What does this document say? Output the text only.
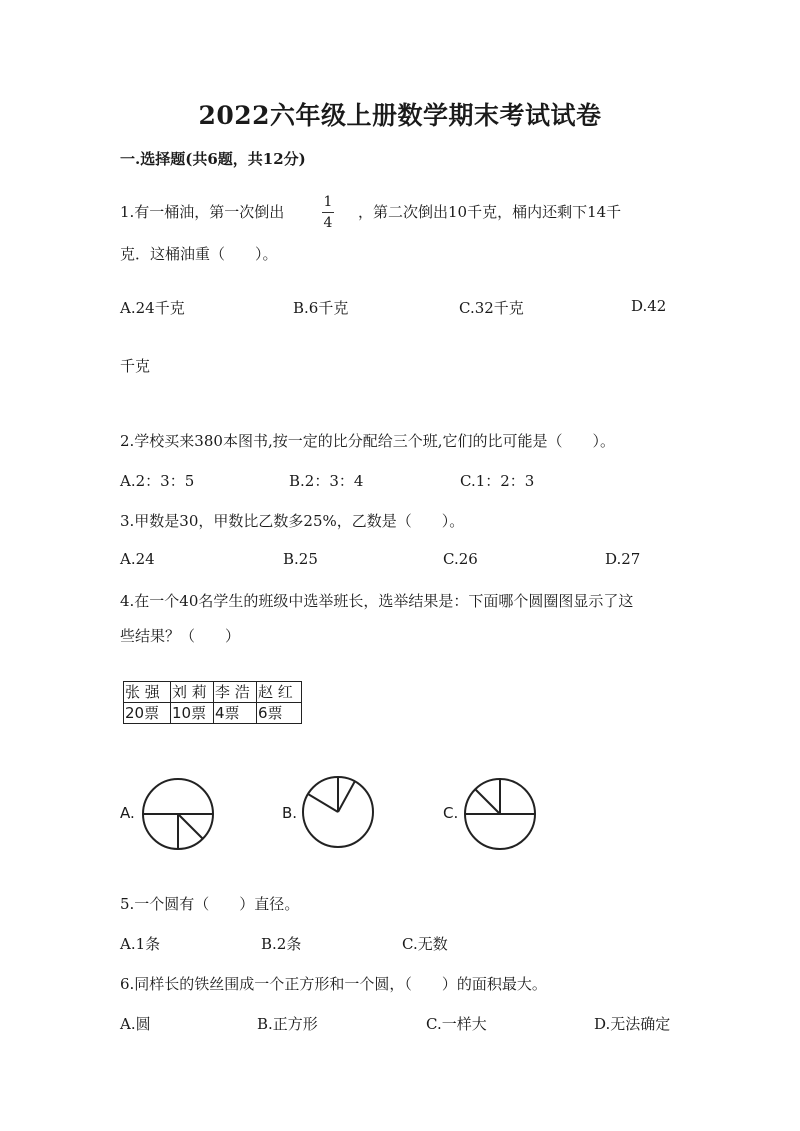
2022六年级上册数学期末考试试卷
一.选择题(共6题，共12分)
1.有一桶油，第一次倒出
1
4
，第二次倒出10千克，桶内还剩下14千
克．这桶油重（　　）。
A.24千克	B.6千克	C.32千克	D.42
千克
2.学校买来380本图书,按一定的比分配给三个班,它们的比可能是（　　）。
A.2：3：5	B.2：3：4	C.1：2：3
3.甲数是30，甲数比乙数多25%，乙数是（　　）。
A.24	B.25	C.26	D.27
4.在一个40名学生的班级中选举班长，选举结果是：下面哪个圆圈图显示了这
些结果？（　　）
张 强	刘 莉	李 浩	赵 红
20票	10票	4票	6票
A.	B.	C.
5.一个圆有（　　）直径。
A.1条	B.2条	C.无数
6.同样长的铁丝围成一个正方形和一个圆，（　　）的面积最大。
A.圆	B.正方形	C.一样大	D.无法确定
